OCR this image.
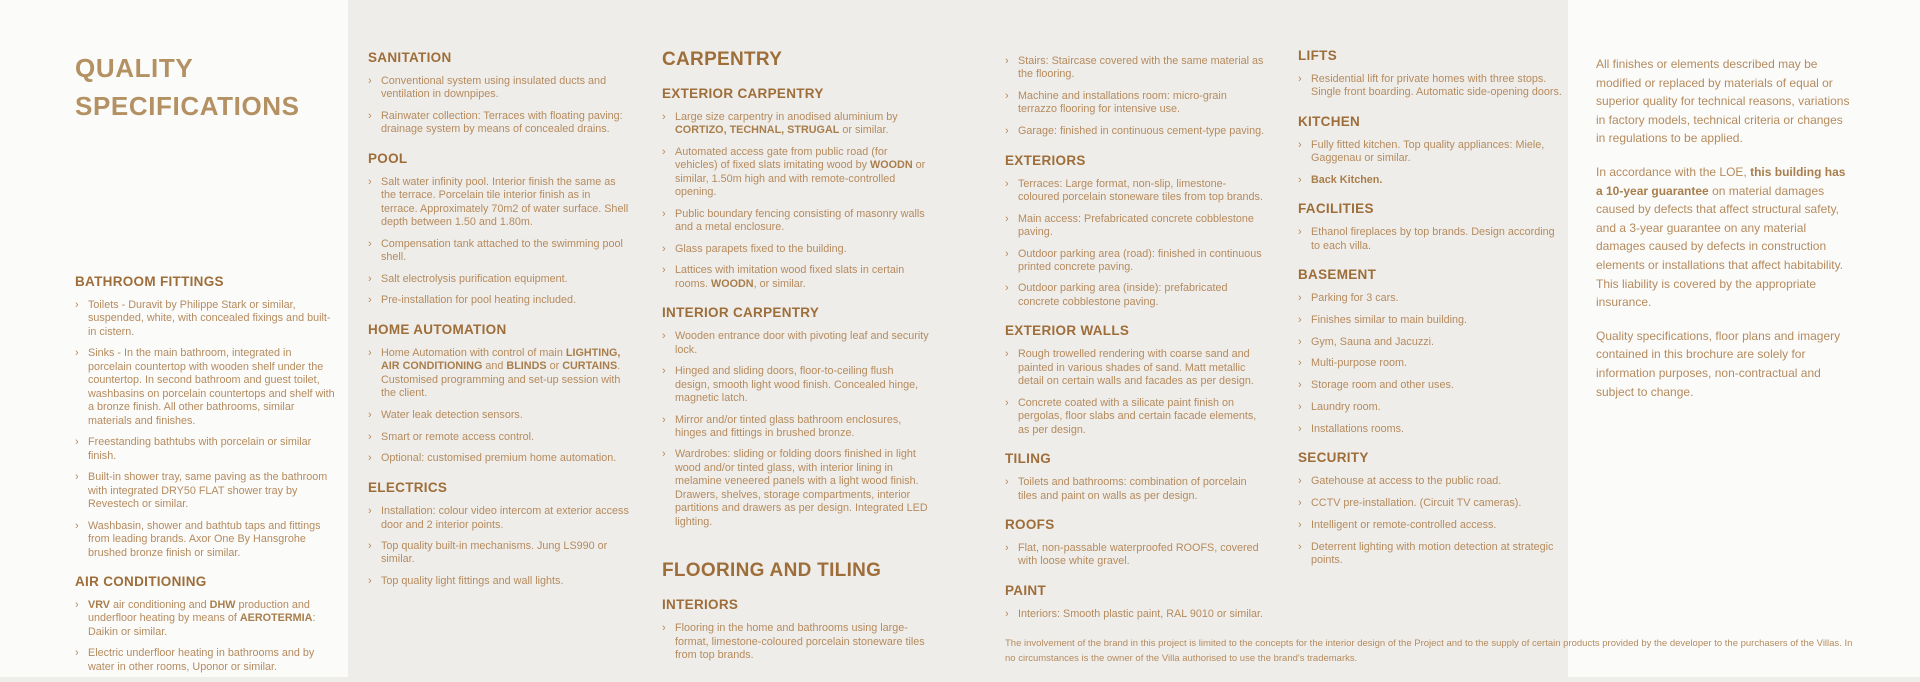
QUALITY SPECIFICATIONS
BATHROOM FITTINGS
› Toilets - Duravit by Philippe Stark or similar, suspended, white, with concealed fixings and built-in cistern.
› Sinks - In the main bathroom, integrated in porcelain countertop with wooden shelf under the countertop. In second bathroom and guest toilet, washbasins on porcelain countertops and shelf with a bronze finish. All other bathrooms, similar materials and finishes.
› Freestanding bathtubs with porcelain or similar finish.
› Built-in shower tray, same paving as the bathroom with integrated DRY50 FLAT shower tray by Revestech or similar.
› Washbasin, shower and bathtub taps and fittings from leading brands. Axor One By Hansgrohe brushed bronze finish or similar.
AIR CONDITIONING
› VRV air conditioning and DHW production and underfloor heating by means of AEROTERMIA: Daikin or similar.
› Electric underfloor heating in bathrooms and by water in other rooms, Uponor or similar.
SANITATION
› Conventional system using insulated ducts and ventilation in downpipes.
› Rainwater collection: Terraces with floating paving: drainage system by means of concealed drains.
POOL
› Salt water infinity pool. Interior finish the same as the terrace. Porcelain tile interior finish as in terrace. Approximately 70m2 of water surface. Shell depth between 1.50 and 1.80m.
› Compensation tank attached to the swimming pool shell.
› Salt electrolysis purification equipment.
› Pre-installation for pool heating included.
HOME AUTOMATION
› Home Automation with control of main LIGHTING, AIR CONDITIONING and BLINDS or CURTAINS. Customised programming and set-up session with the client.
› Water leak detection sensors.
› Smart or remote access control.
› Optional: customised premium home automation.
ELECTRICS
› Installation: colour video intercom at exterior access door and 2 interior points.
› Top quality built-in mechanisms. Jung LS990 or similar.
› Top quality light fittings and wall lights.
CARPENTRY
EXTERIOR CARPENTRY
› Large size carpentry in anodised aluminium by CORTIZO, TECHNAL, STRUGAL or similar.
› Automated access gate from public road (for vehicles) of fixed slats imitating wood by WOODN or similar, 1.50m high and with remote-controlled opening.
› Public boundary fencing consisting of masonry walls and a metal enclosure.
› Glass parapets fixed to the building.
› Lattices with imitation wood fixed slats in certain rooms. WOODN, or similar.
INTERIOR CARPENTRY
› Wooden entrance door with pivoting leaf and security lock.
› Hinged and sliding doors, floor-to-ceiling flush design, smooth light wood finish. Concealed hinge, magnetic latch.
› Mirror and/or tinted glass bathroom enclosures, hinges and fittings in brushed bronze.
› Wardrobes: sliding or folding doors finished in light wood and/or tinted glass, with interior lining in melamine veneered panels with a light wood finish. Drawers, shelves, storage compartments, interior partitions and drawers as per design. Integrated LED lighting.
FLOORING AND TILING
INTERIORS
› Flooring in the home and bathrooms using large-format, limestone-coloured porcelain stoneware tiles from top brands.
› Stairs: Staircase covered with the same material as the flooring.
› Machine and installations room: micro-grain terrazzo flooring for intensive use.
› Garage: finished in continuous cement-type paving.
EXTERIORS
› Terraces: Large format, non-slip, limestone-coloured porcelain stoneware tiles from top brands.
› Main access: Prefabricated concrete cobblestone paving.
› Outdoor parking area (road): finished in continuous printed concrete paving.
› Outdoor parking area (inside): prefabricated concrete cobblestone paving.
EXTERIOR WALLS
› Rough trowelled rendering with coarse sand and painted in various shades of sand. Matt metallic detail on certain walls and facades as per design.
› Concrete coated with a silicate paint finish on pergolas, floor slabs and certain facade elements, as per design.
TILING
› Toilets and bathrooms: combination of porcelain tiles and paint on walls as per design.
ROOFS
› Flat, non-passable waterproofed ROOFS, covered with loose white gravel.
PAINT
› Interiors: Smooth plastic paint, RAL 9010 or similar.
LIFTS
› Residential lift for private homes with three stops. Single front boarding. Automatic side-opening doors.
KITCHEN
› Fully fitted kitchen. Top quality appliances: Miele, Gaggenau or similar.
› Back Kitchen.
FACILITIES
› Ethanol fireplaces by top brands. Design according to each villa.
BASEMENT
› Parking for 3 cars.
› Finishes similar to main building.
› Gym, Sauna and Jacuzzi.
› Multi-purpose room.
› Storage room and other uses.
› Laundry room.
› Installations rooms.
SECURITY
› Gatehouse at access to the public road.
› CCTV pre-installation. (Circuit TV cameras).
› Intelligent or remote-controlled access.
› Deterrent lighting with motion detection at strategic points.

All finishes or elements described may be modified or replaced by materials of equal or superior quality for technical reasons, variations in factory models, technical criteria or changes in regulations to be applied.

In accordance with the LOE, this building has a 10-year guarantee on material damages caused by defects that affect structural safety, and a 3-year guarantee on any material damages caused by defects in construction elements or installations that affect habitability. This liability is covered by the appropriate insurance.

Quality specifications, floor plans and imagery contained in this brochure are solely for information purposes, non-contractual and subject to change.

The involvement of the brand in this project is limited to the concepts for the interior design of the Project and to the supply of certain products provided by the developer to the purchasers of the Villas. In no circumstances is the owner of the Villa authorised to use the brand's trademarks.
